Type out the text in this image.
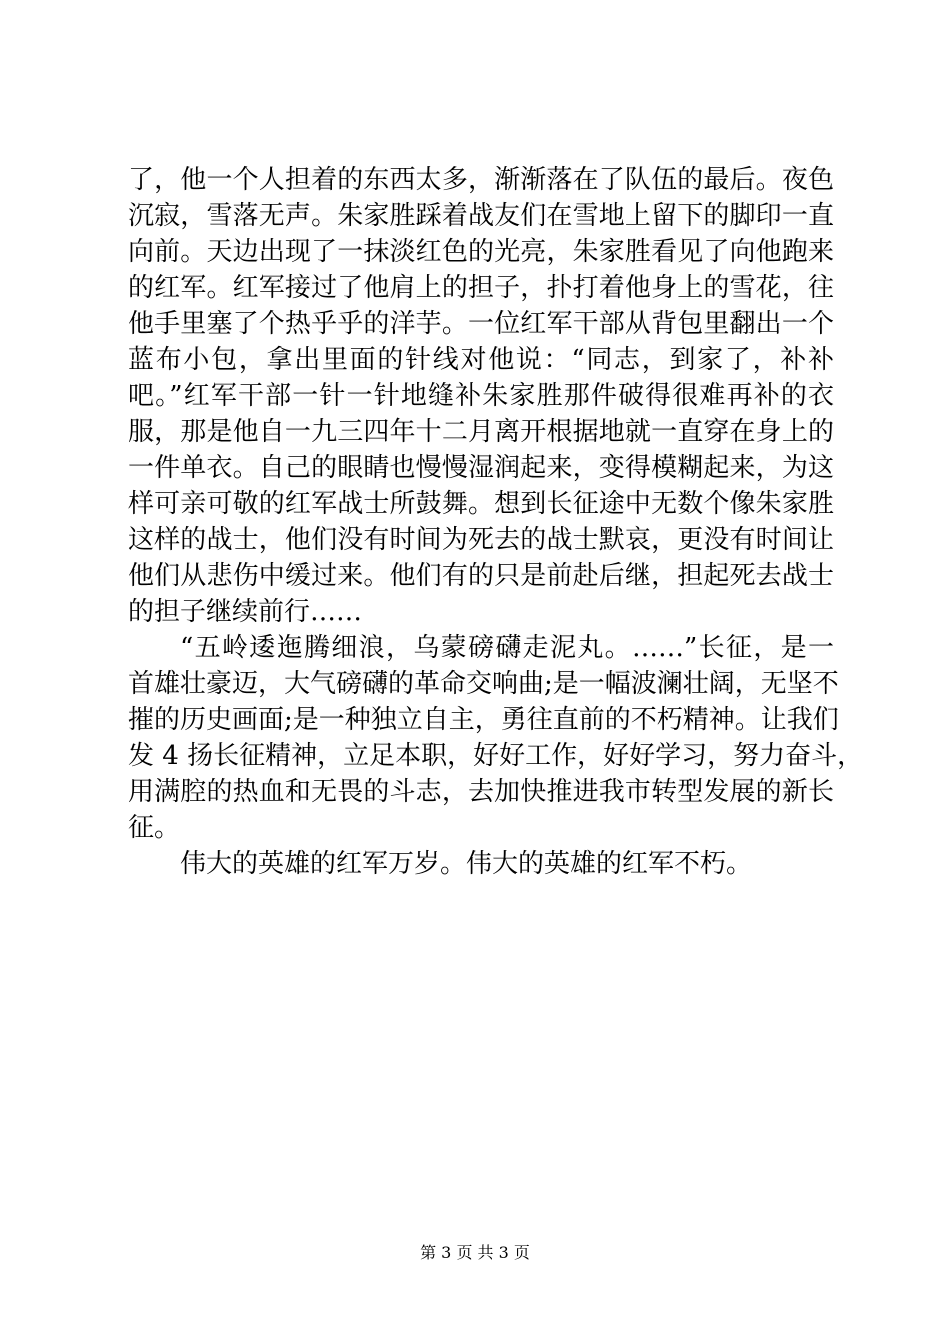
了，他一个人担着的东西太多，渐渐落在了队伍的最后。夜色
沉寂，雪落无声。朱家胜踩着战友们在雪地上留下的脚印一直
向前。天边出现了一抹淡红色的光亮，朱家胜看见了向他跑来
的红军。红军接过了他肩上的担子，扑打着他身上的雪花，往
他手里塞了个热乎乎的洋芋。一位红军干部从背包里翻出一个
蓝布小包，拿出里面的针线对他说：“同志，到家了，补补
吧。”红军干部一针一针地缝补朱家胜那件破得很难再补的衣
服，那是他自一九三四年十二月离开根据地就一直穿在身上的
一件单衣。自己的眼睛也慢慢湿润起来，变得模糊起来，为这
样可亲可敬的红军战士所鼓舞。想到长征途中无数个像朱家胜
这样的战士，他们没有时间为死去的战士默哀，更没有时间让
他们从悲伤中缓过来。他们有的只是前赴后继，担起死去战士
的担子继续前行……
“五岭逶迤腾细浪，乌蒙磅礴走泥丸。……”长征，是一
首雄壮豪迈，大气磅礴的革命交响曲;是一幅波澜壮阔，无坚不
摧的历史画面;是一种独立自主，勇往直前的不朽精神。让我们
发 4 扬长征精神，立足本职，好好工作，好好学习，努力奋斗，
用满腔的热血和无畏的斗志，去加快推进我市转型发展的新长
征。
伟大的英雄的红军万岁。伟大的英雄的红军不朽。
第 3 页 共 3 页
